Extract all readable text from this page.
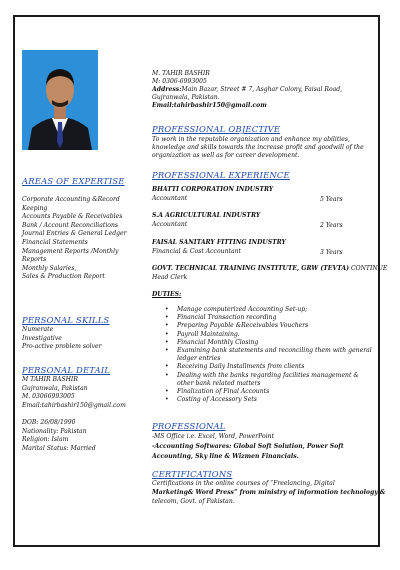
M. TAHIR BASHIR
M: 0306-6993005
Address:Main Bazar, Street # 7, Asghar Colony, Faisal Road,
Gujranwala, Pakistan.
Email:tahirbashir150@gmail.com
PROFESSIONAL OBJECTIVE
To work in the reputable organization and enhance my abilities,
knowledge and skills towards the increase profit and goodwill of the
organization as well as for career development.
PROFESSIONAL EXPERIENCE
BHATTI CORPORATION INDUSTRY
Accountant	5 Years
S.A AGRICULTURAL INDUSTRY
Accountant	2 Years
FAISAL SANITARY FITTING INDUSTRY
Financial & Cost Accountant	3 Years
GOVT. TECHNICAL TRAINING INSTITUTE, GRW (TEVTA) CONTINUE
Head Clerk
DUTIES:
•	Manage computerized Accounting Set-up;
•	Financial Transaction recording
•	Preparing Payable &Receivables Vouchers
•	Payroll Maintaining.
•	Financial Monthly Closing
•	Examining bank statements and reconciling them with general
ledger entries
•	Receiving Daily Installments from clients
•	Dealing with the banks regarding facilities management &
other bank related matters
•	Finalization of Final Accounts
•	Costing of Accessory Sets
PROFESSIONAL
-MS Office i.e. Excel, Word, PowerPoint
-Accounting Softwares: Global Soft Solution, Power Soft
Accounting, Sky line & Wizmen Financials.
CERTIFICATIONS
Certifications in the online courses of “Freelancing, Digital
Marketing& Word Press” from ministry of information technology &
telecom, Govt. of Pakistan.
AREAS OF EXPERTISE
Corporate Accounting &Record
Keeping
Accounts Payable & Receivables
Bank / Account Reconciliations
Journal Entries & General Ledger
Financial Statements
Management Reports /Monthly
Reports
Monthly Salaries,
Sales & Production Report
PERSONAL SKILLS
Numerate
Investigative
Pro-active problem solver
PERSONAL DETAIL
M TAHIR BASHIR
Gujranwala, Pakistan
M. 03066993005
Email:tahirbashir150@gmail.com
DOB: 26/08/1990
Nationality: Pakistan
Religion: Islam
Marital Status: Married
